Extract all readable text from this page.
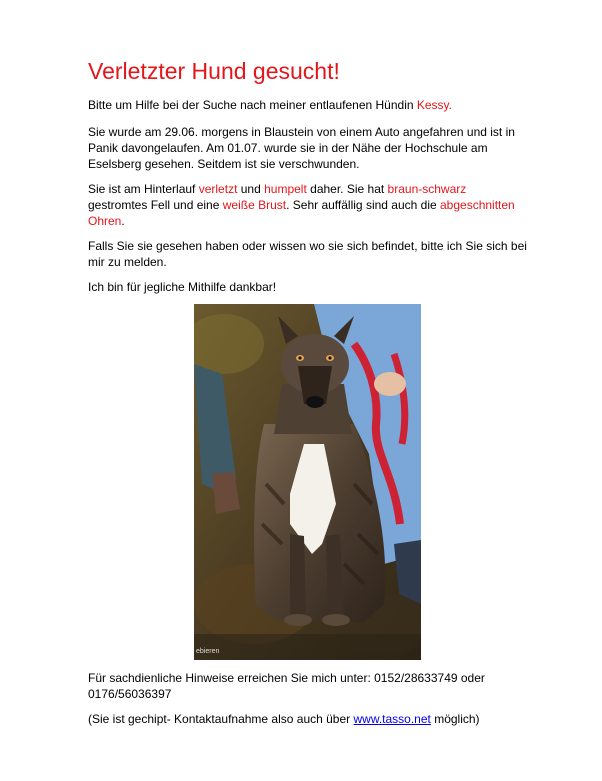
Verletzter Hund gesucht!

Bitte um Hilfe bei der Suche nach meiner entlaufenen Hündin Kessy.

Sie wurde am 29.06. morgens in Blaustein von einem Auto angefahren und ist in Panik davongelaufen. Am 01.07. wurde sie in der Nähe der Hochschule am Eselsberg gesehen. Seitdem ist sie verschwunden.

Sie ist am Hinterlauf verletzt und humpelt daher. Sie hat braun-schwarz gestromtes Fell und eine weiße Brust. Sehr auffällig sind auch die abgeschnitten Ohren.

Falls Sie sie gesehen haben oder wissen wo sie sich befindet, bitte ich Sie sich bei mir zu melden.

Ich bin für jegliche Mithilfe dankbar!

ebieren

Für sachdienliche Hinweise erreichen Sie mich unter: 0152/28633749 oder 0176/56036397

(Sie ist gechipt- Kontaktaufnahme also auch über www.tasso.net möglich)
